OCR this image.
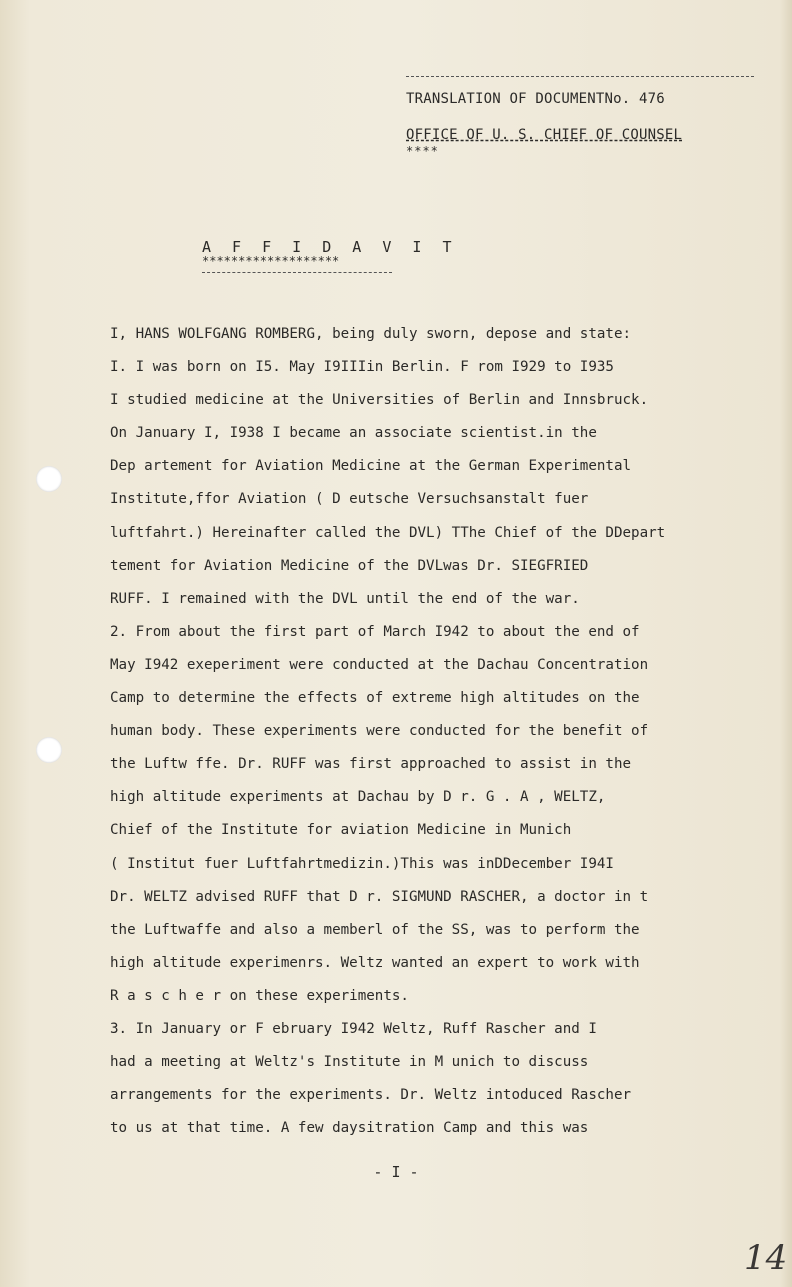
TRANSLATION OF DOCUMENTNo. 476
OFFICE OF U. S. CHIEF OF COUNSEL
****
A F F I D A V I T
*******************
I, HANS WOLFGANG ROMBERG, being duly sworn, depose and state:
I. I was born on I5. May I9IIIin Berlin. F rom I929 to I935
I studied medicine at the Universities of Berlin and Innsbruck.
On January I, I938 I became an associate scientist.in the
Dep artement for Aviation Medicine at the German Experimental
Institute,ffor Aviation ( D eutsche Versuchsanstalt fuer
luftfahrt.) Hereinafter called the DVL) TThe Chief of the DDepart
tement for Aviation Medicine of the DVLwas Dr. SIEGFRIED
RUFF. I remained with the DVL until the end of the war.
2. From about the first part of March I942 to about the end of
May I942 exeperiment were conducted at the Dachau Concentration
Camp to determine the effects of extreme high altitudes on the
human body. These experiments were conducted for the benefit of
the Luftw ffe. Dr. RUFF was first approached to assist in the
high altitude experiments at Dachau by D r. G . A , WELTZ,
Chief of the Institute for aviation Medicine in Munich
( Institut fuer Luftfahrtmedizin.)This was inDDecember I94I
Dr. WELTZ advised RUFF that D r. SIGMUND RASCHER, a doctor in t
the Luftwaffe and also a memberl of the SS, was to perform the
high altitude experimenrs. Weltz wanted an expert to work with
R a s c h e r on these experiments.
3. In January or F ebruary I942 Weltz, Ruff Rascher and I
had a meeting at Weltz's Institute in M unich to discuss
arrangements for the experiments. Dr. Weltz intoduced Rascher
to us at that time. A few daysitration Camp and this was
- I -
14
